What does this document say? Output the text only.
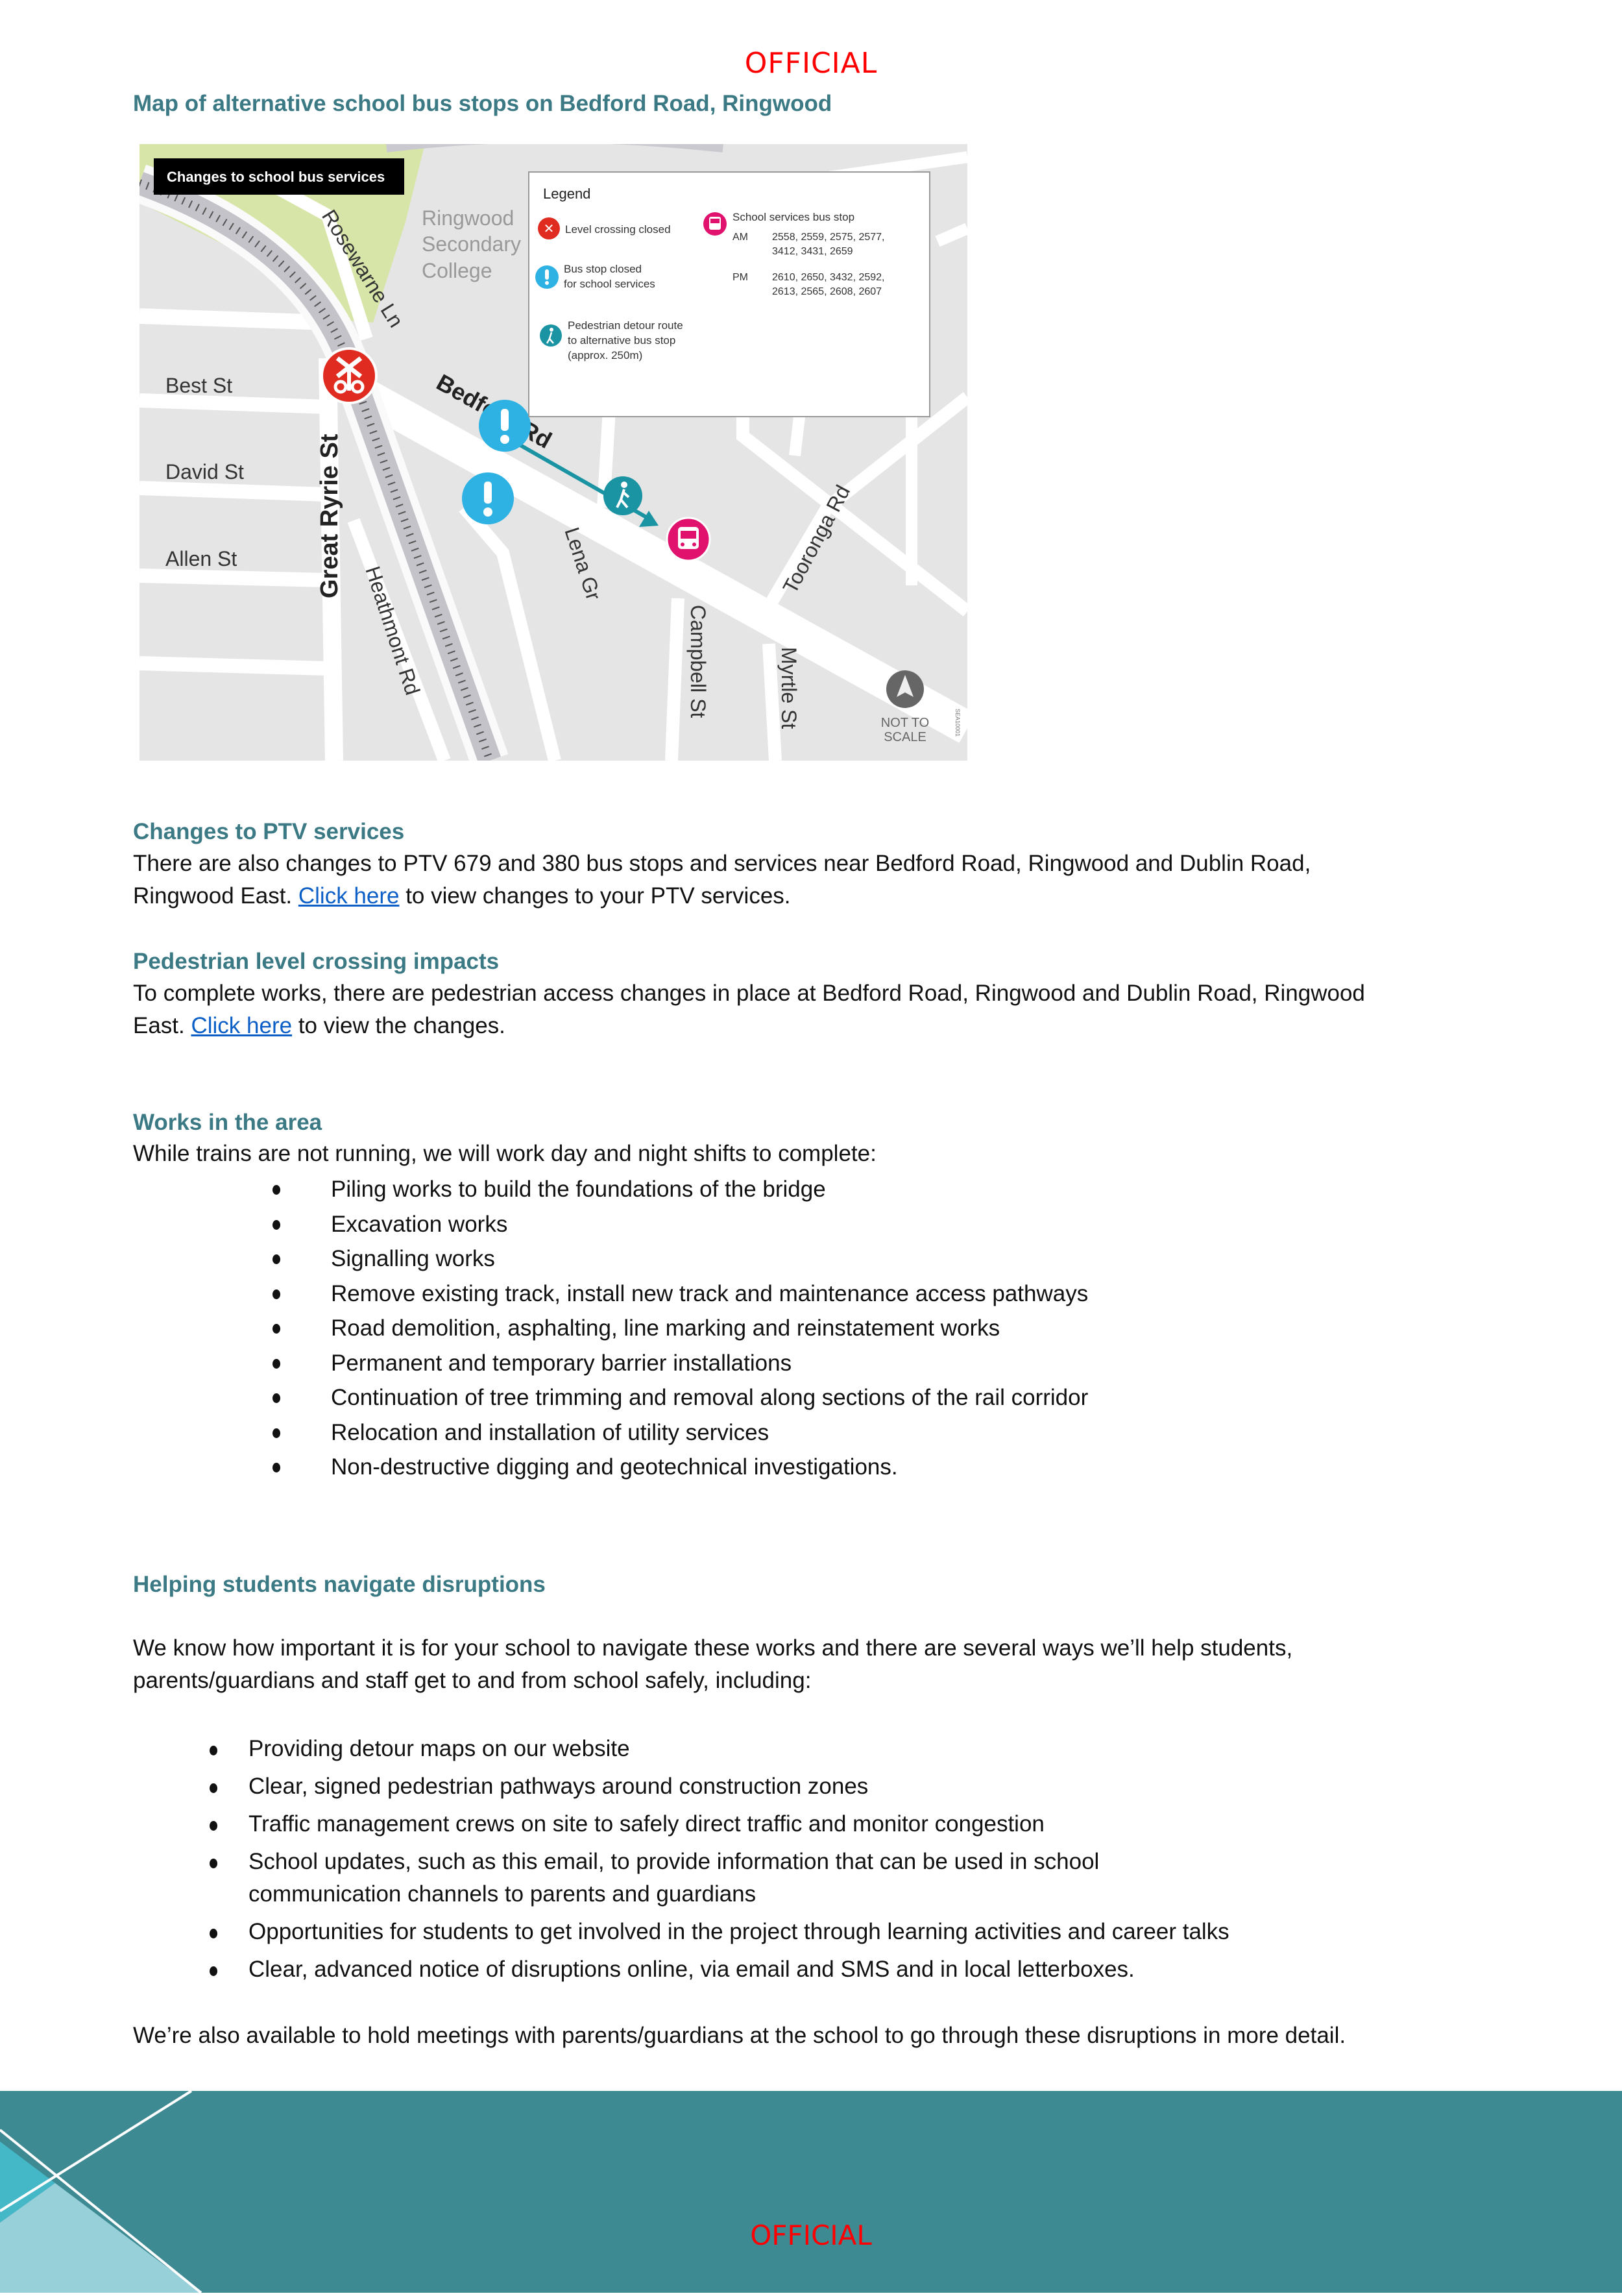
OFFICIAL
Map of alternative school bus stops on Bedford Road, Ringwood
Changes to school bus services
Ringwood
Secondary
College
Rosewarne Ln
Bedford Rd
Best St
David St
Allen St	Great Ryrie St
Heathmont Rd	Lena Gr
Campbell St	Myrtle St
Tooronga Rd
Legend
✕ Level crossing closed
Bus stop closed
for school services
Pedestrian detour route
to alternative bus stop
(approx. 250m)
School services bus stop
AM 2558, 2559, 2575, 2577,
3412, 3431, 2659
PM 2610, 2650, 3432, 2592,
2613, 2565, 2608, 2607
NOT TO
SCALE
SEA10001
Changes to PTV services
There are also changes to PTV 679 and 380 bus stops and services near Bedford Road, Ringwood and Dublin Road,
Ringwood East. Click here to view changes to your PTV services.
Pedestrian level crossing impacts
To complete works, there are pedestrian access changes in place at Bedford Road, Ringwood and Dublin Road, Ringwood
East. Click here to view the changes.
Works in the area
While trains are not running, we will work day and night shifts to complete:
Piling works to build the foundations of the bridge
Excavation works
Signalling works
Remove existing track, install new track and maintenance access pathways
Road demolition, asphalting, line marking and reinstatement works
Permanent and temporary barrier installations
Continuation of tree trimming and removal along sections of the rail corridor
Relocation and installation of utility services
Non-destructive digging and geotechnical investigations.
Helping students navigate disruptions
We know how important it is for your school to navigate these works and there are several ways we’ll help students,
parents/guardians and staff get to and from school safely, including:
Providing detour maps on our website
Clear, signed pedestrian pathways around construction zones
Traffic management crews on site to safely direct traffic and monitor congestion
School updates, such as this email, to provide information that can be used in school
communication channels to parents and guardians
Opportunities for students to get involved in the project through learning activities and career talks
Clear, advanced notice of disruptions online, via email and SMS and in local letterboxes.
We’re also available to hold meetings with parents/guardians at the school to go through these disruptions in more detail.
OFFICIAL
